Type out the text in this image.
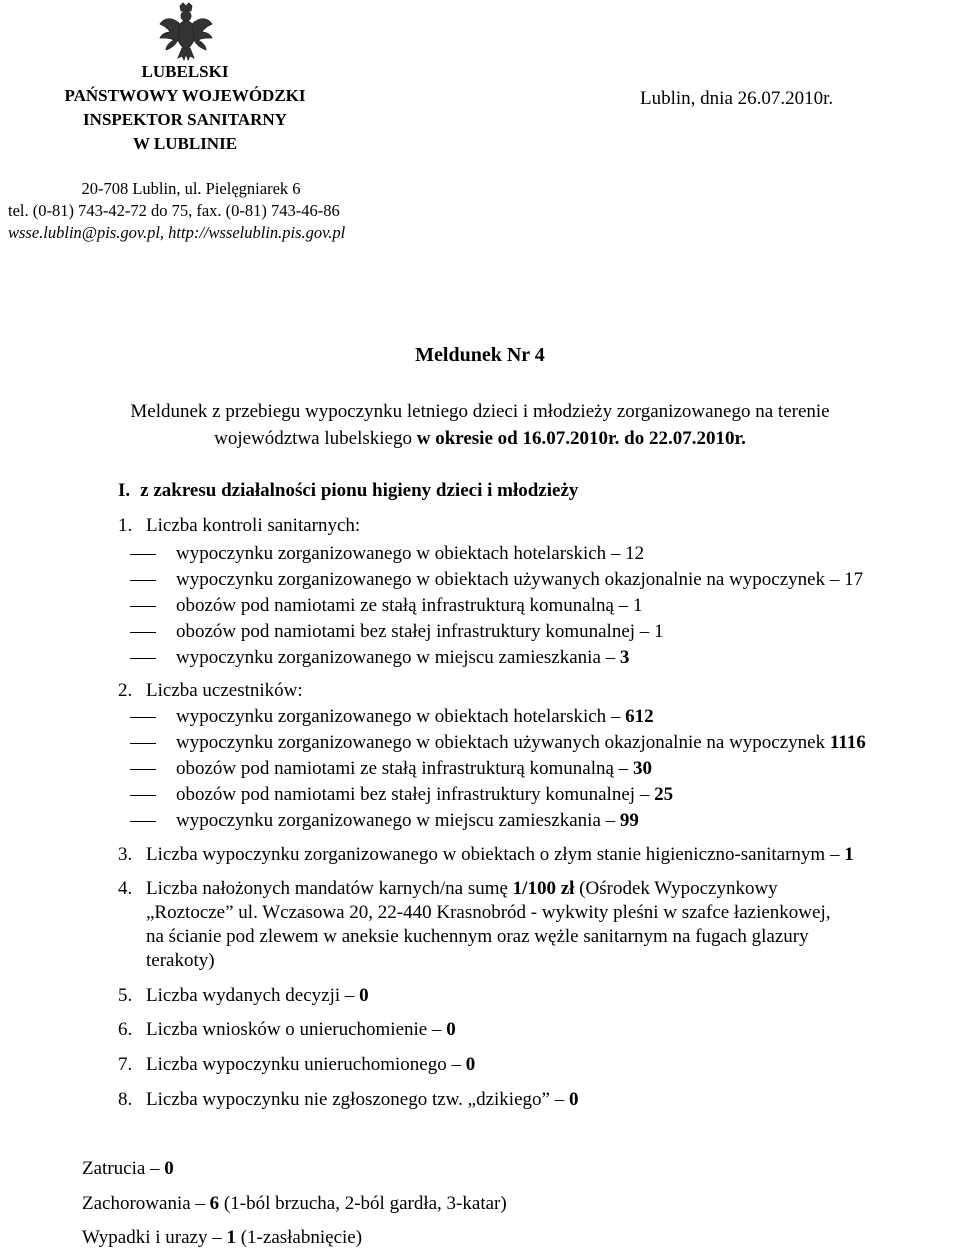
LUBELSKI
PAŃSTWOWY WOJEWÓDZKI
INSPEKTOR SANITARNY
W LUBLINIE
Lublin, dnia 26.07.2010r.
20-708 Lublin, ul. Pielęgniarek 6
tel. (0-81) 743-42-72 do 75, fax. (0-81) 743-46-86
wsse.lublin@pis.gov.pl, http://wsselublin.pis.gov.pl
Meldunek Nr 4
Meldunek z przebiegu wypoczynku letniego dzieci i młodzieży zorganizowanego na terenie województwa lubelskiego w okresie od 16.07.2010r. do 22.07.2010r.
I. z zakresu działalności pionu higieny dzieci i młodzieży
1. Liczba kontroli sanitarnych:
wypoczynku zorganizowanego w obiektach hotelarskich – 12
wypoczynku zorganizowanego w obiektach używanych okazjonalnie na wypoczynek – 17
obozów pod namiotami ze stałą infrastrukturą komunalną – 1
obozów pod namiotami bez stałej infrastruktury komunalnej – 1
wypoczynku zorganizowanego w miejscu zamieszkania – 3
2. Liczba uczestników:
wypoczynku zorganizowanego w obiektach hotelarskich – 612
wypoczynku zorganizowanego w obiektach używanych okazjonalnie na wypoczynek 1116
obozów pod namiotami ze stałą infrastrukturą komunalną – 30
obozów pod namiotami bez stałej infrastruktury komunalnej – 25
wypoczynku zorganizowanego w miejscu zamieszkania – 99
3. Liczba wypoczynku zorganizowanego w obiektach o złym stanie higieniczno-sanitarnym – 1
4. Liczba nałożonych mandatów karnych/na sumę 1/100 zł (Ośrodek Wypoczynkowy
„Roztocze” ul. Wczasowa 20, 22-440 Krasnobród - wykwity pleśni w szafce łazienkowej,
na ścianie pod zlewem w aneksie kuchennym oraz wężle sanitarnym na fugach glazury
terakoty)
5. Liczba wydanych decyzji – 0
6. Liczba wniosków o unieruchomienie – 0
7. Liczba wypoczynku unieruchomionego – 0
8. Liczba wypoczynku nie zgłoszonego tzw. „dzikiego” – 0
Zatrucia – 0
Zachorowania – 6 (1-ból brzucha, 2-ból gardła, 3-katar)
Wypadki i urazy – 1 (1-zasłabnięcie)
